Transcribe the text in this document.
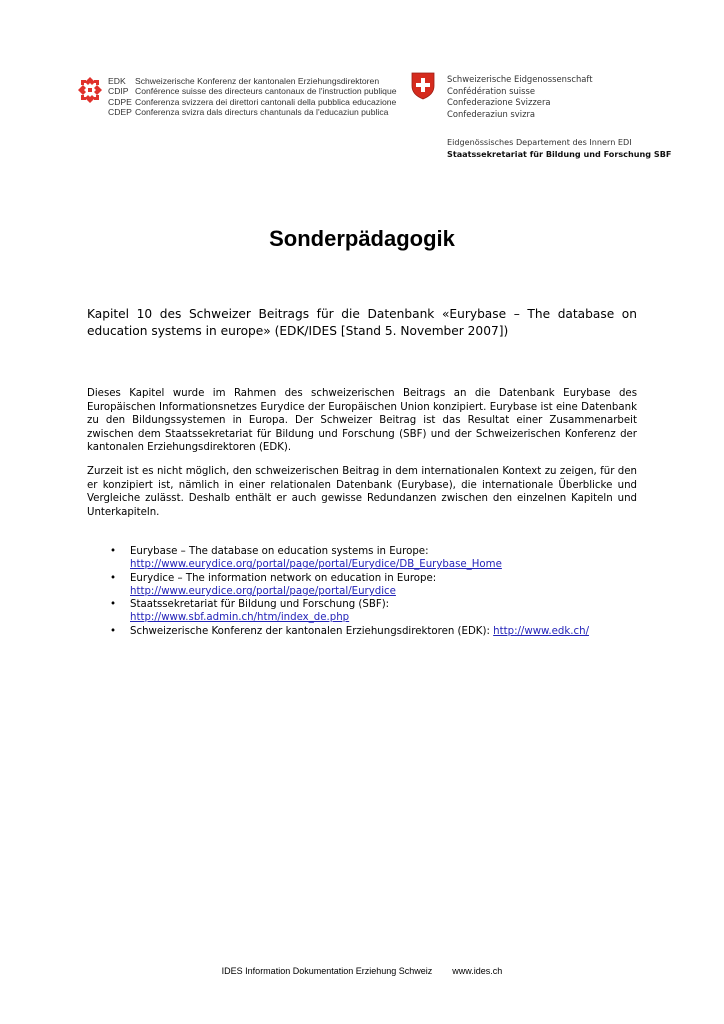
EDK	Schweizerische Konferenz der kantonalen Erziehungsdirektoren
CDIP Conférence suisse des directeurs cantonaux de l'instruction publique
CDPE Conferenza svizzera dei direttori cantonali della pubblica educazione
CDEP Conferenza svizra dals directurs chantunals da l'educaziun publica
Schweizerische Eidgenossenschaft
Confédération suisse
Confederazione Svizzera
Confederaziun svizra
Eidgenössisches Departement des Innern EDI
Staatssekretariat für Bildung und Forschung SBF
Sonderpädagogik
Kapitel 10 des Schweizer Beitrags für die Datenbank «Eurybase – The database on education systems in europe» (EDK/IDES [Stand 5. November 2007])

Dieses Kapitel wurde im Rahmen des schweizerischen Beitrags an die Datenbank Eurybase des Europäischen Informationsnetzes Eurydice der Europäischen Union konzipiert. Eurybase ist eine Datenbank zu den Bildungssystemen in Europa. Der Schweizer Beitrag ist das Resultat einer Zusammenarbeit zwischen dem Staatssekretariat für Bildung und Forschung (SBF) und der Schweizerischen Konferenz der kantonalen Erziehungsdirektoren (EDK).

Zurzeit ist es nicht möglich, den schweizerischen Beitrag in dem internationalen Kontext zu zeigen, für den er konzipiert ist, nämlich in einer relationalen Datenbank (Eurybase), die internationale Überblicke und Vergleiche zulässt. Deshalb enthält er auch gewisse Redundanzen zwischen den einzelnen Kapiteln und Unterkapiteln.

• Eurybase – The database on education systems in Europe:
http://www.eurydice.org/portal/page/portal/Eurydice/DB_Eurybase_Home
• Eurydice – The information network on education in Europe:
http://www.eurydice.org/portal/page/portal/Eurydice
• Staatssekretariat für Bildung und Forschung (SBF):
http://www.sbf.admin.ch/htm/index_de.php
• Schweizerische Konferenz der kantonalen Erziehungsdirektoren (EDK): http://www.edk.ch/
IDES Information Dokumentation Erziehung Schweiz www.ides.ch
